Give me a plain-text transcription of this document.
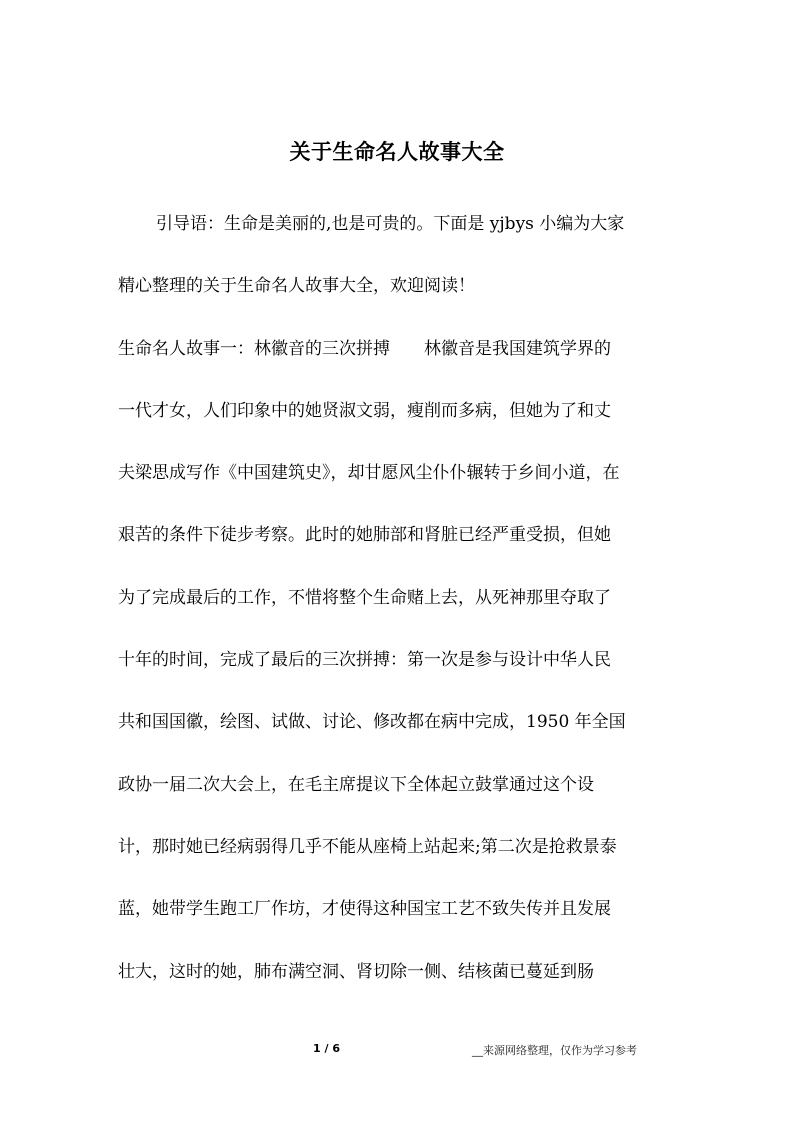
关于生命名人故事大全
引导语：生命是美丽的,也是可贵的。下面是 yjbys 小编为大家
精心整理的关于生命名人故事大全，欢迎阅读！
生命名人故事一：林徽音的三次拼搏　　林徽音是我国建筑学界的
一代才女，人们印象中的她贤淑文弱，瘦削而多病，但她为了和丈
夫梁思成写作《中国建筑史》，却甘愿风尘仆仆辗转于乡间小道，在
艰苦的条件下徒步考察。此时的她肺部和肾脏已经严重受损，但她
为了完成最后的工作，不惜将整个生命赌上去，从死神那里夺取了
十年的时间，完成了最后的三次拼搏：第一次是参与设计中华人民
共和国国徽，绘图、试做、讨论、修改都在病中完成，1950 年全国
政协一届二次大会上，在毛主席提议下全体起立鼓掌通过这个设
计，那时她已经病弱得几乎不能从座椅上站起来;第二次是抢救景泰
蓝，她带学生跑工厂作坊，才使得这种国宝工艺不致失传并且发展
壮大，这时的她，肺布满空洞、肾切除一侧、结核菌已蔓延到肠
1 / 6	__来源网络整理，仅作为学习参考
